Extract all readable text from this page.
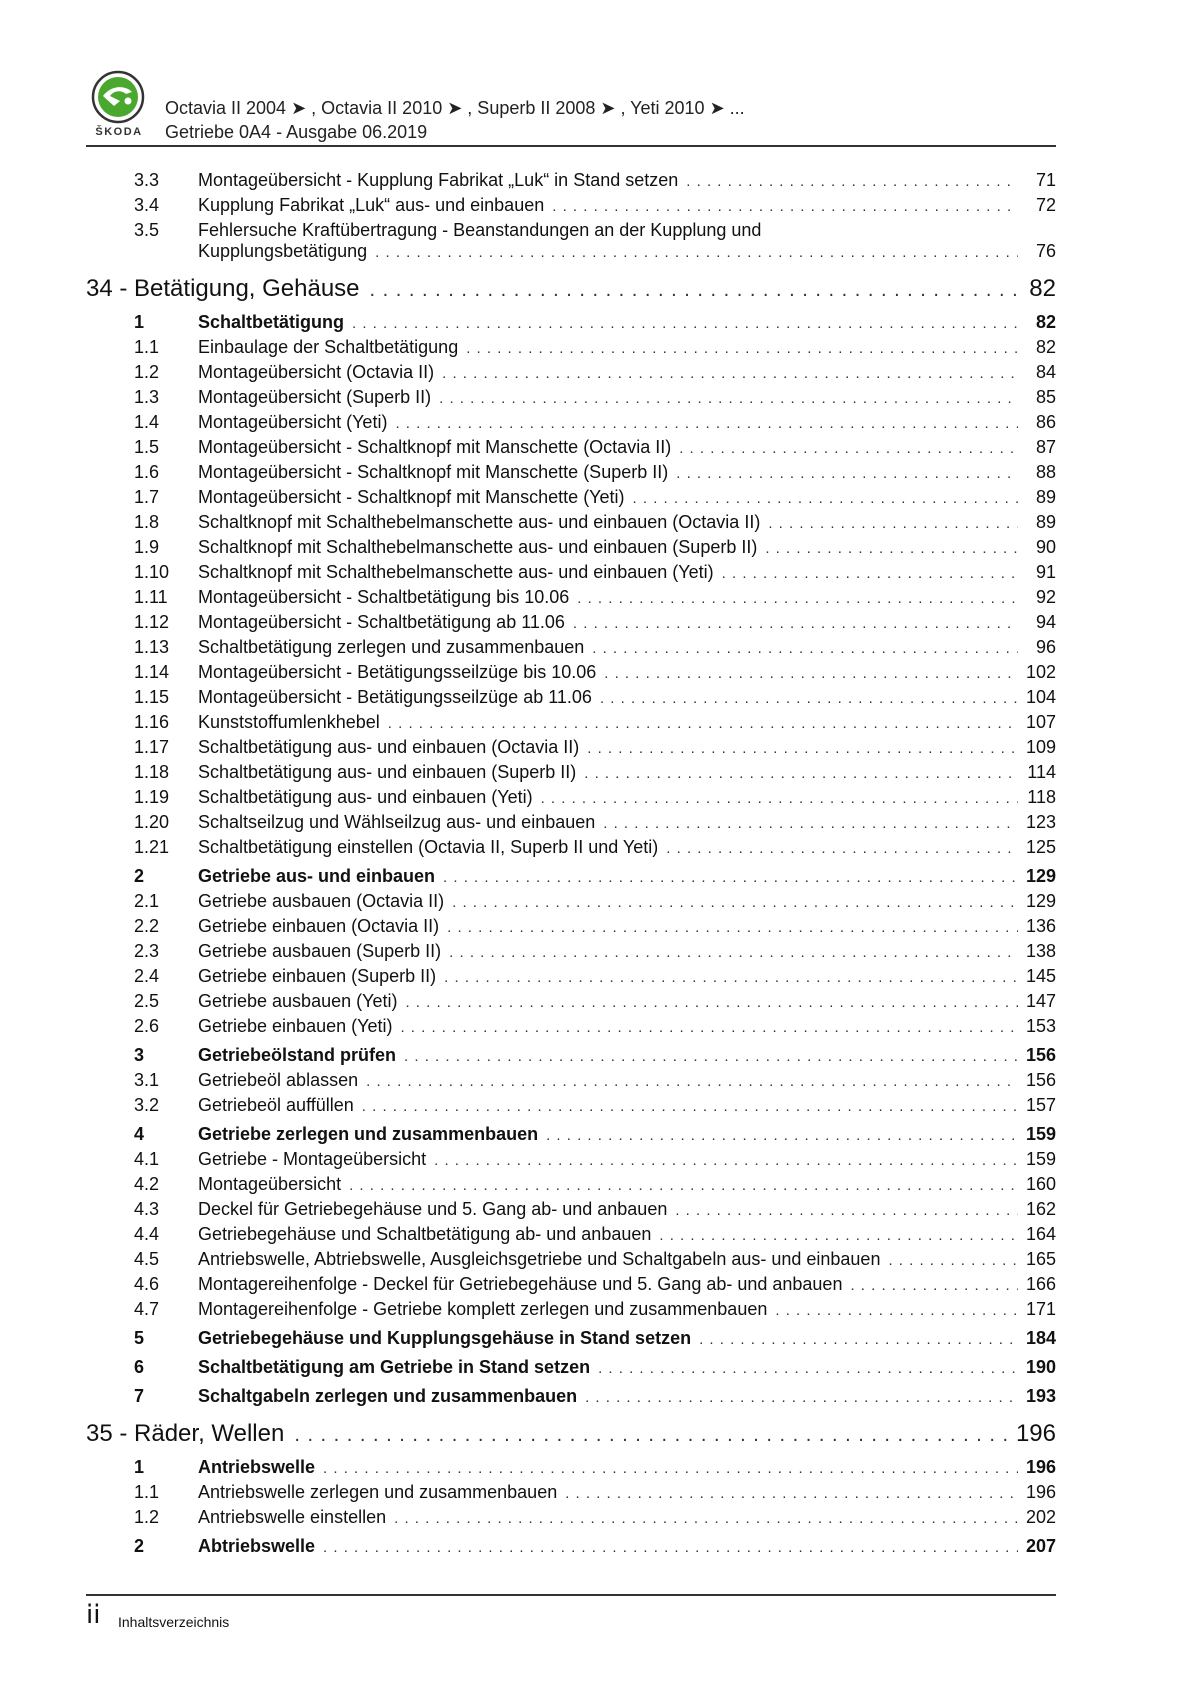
ŠKODA
Octavia II 2004 ➤ , Octavia II 2010 ➤ , Superb II 2008 ➤ , Yeti 2010 ➤ ...
Getriebe 0A4 - Ausgabe 06.2019
3.3 Montageübersicht - Kupplung Fabrikat „Luk“ in Stand setzen . . .	71
3.4 Kupplung Fabrikat „Luk“ aus- und einbauen . . .	72
3.5 Fehlersuche Kraftübertragung - Beanstandungen an der Kupplung und
Kupplungsbetätigung . . .	76
34 - Betätigung, Gehäuse . . .	82
1	Schaltbetätigung . . .	82
1.1 Einbaulage der Schaltbetätigung . . .	82
1.2 Montageübersicht (Octavia II) . . .	84
1.3 Montageübersicht (Superb II) . . .	85
1.4 Montageübersicht (Yeti) . . .	86
1.5 Montageübersicht - Schaltknopf mit Manschette (Octavia II) . . .	87
1.6 Montageübersicht - Schaltknopf mit Manschette (Superb II) . . .	88
1.7 Montageübersicht - Schaltknopf mit Manschette (Yeti) . . .	89
1.8 Schaltknopf mit Schalthebelmanschette aus- und einbauen (Octavia II) . . .	89
1.9 Schaltknopf mit Schalthebelmanschette aus- und einbauen (Superb II) . . .	90
1.10 Schaltknopf mit Schalthebelmanschette aus- und einbauen (Yeti) . . .	91
1.11 Montageübersicht - Schaltbetätigung bis 10.06 . . .	92
1.12 Montageübersicht - Schaltbetätigung ab 11.06 . . .	94
1.13 Schaltbetätigung zerlegen und zusammenbauen . . .	96
1.14 Montageübersicht - Betätigungsseilzüge bis 10.06 . . .	102
1.15 Montageübersicht - Betätigungsseilzüge ab 11.06 . . .	104
1.16 Kunststoffumlenkhebel . . .	107
1.17 Schaltbetätigung aus- und einbauen (Octavia II) . . .	109
1.18 Schaltbetätigung aus- und einbauen (Superb II) . . .	114
1.19 Schaltbetätigung aus- und einbauen (Yeti) . . .	118
1.20 Schaltseilzug und Wählseilzug aus- und einbauen . . .	123
1.21 Schaltbetätigung einstellen (Octavia II, Superb II und Yeti) . . .	125
2	Getriebe aus- und einbauen . . .	129
2.1 Getriebe ausbauen (Octavia II) . . .	129
2.2 Getriebe einbauen (Octavia II) . . .	136
2.3 Getriebe ausbauen (Superb II) . . .	138
2.4 Getriebe einbauen (Superb II) . . .	145
2.5 Getriebe ausbauen (Yeti) . . .	147
2.6 Getriebe einbauen (Yeti) . . .	153
3	Getriebeölstand prüfen . . .	156
3.1 Getriebeöl ablassen . . .	156
3.2 Getriebeöl auffüllen . . .	157
4	Getriebe zerlegen und zusammenbauen . . .	159
4.1 Getriebe - Montageübersicht . . .	159
4.2 Montageübersicht . . .	160
4.3 Deckel für Getriebegehäuse und 5. Gang ab- und anbauen . . .	162
4.4 Getriebegehäuse und Schaltbetätigung ab- und anbauen . . .	164
4.5 Antriebswelle, Abtriebswelle, Ausgleichsgetriebe und Schaltgabeln aus- und einbauen . . .	165
4.6 Montagereihenfolge - Deckel für Getriebegehäuse und 5. Gang ab- und anbauen . . .	166
4.7 Montagereihenfolge - Getriebe komplett zerlegen und zusammenbauen . . .	171
5	Getriebegehäuse und Kupplungsgehäuse in Stand setzen . . .	184
6	Schaltbetätigung am Getriebe in Stand setzen . . .	190
7	Schaltgabeln zerlegen und zusammenbauen . . .	193
35 - Räder, Wellen . . .	196
1	Antriebswelle . . .	196
1.1 Antriebswelle zerlegen und zusammenbauen . . .	196
1.2 Antriebswelle einstellen . . .	202
2	Abtriebswelle . . .	207
ii Inhaltsverzeichnis
